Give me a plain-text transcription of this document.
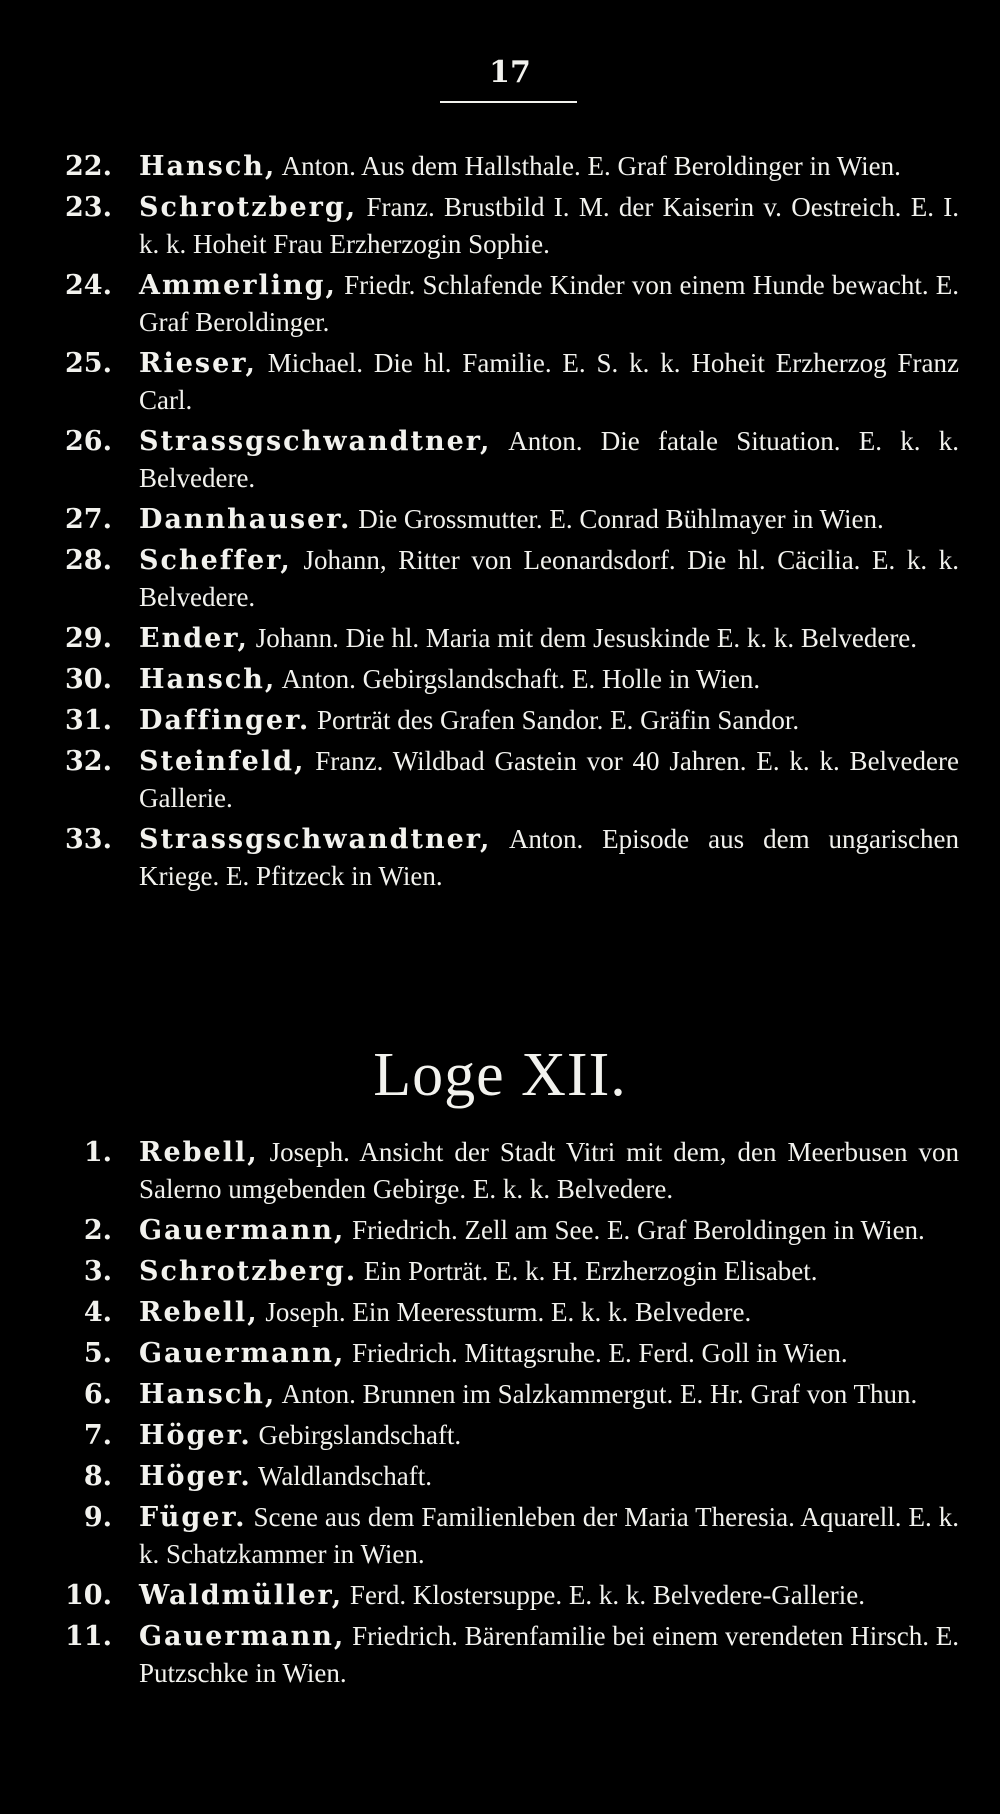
17
22. Hansch, Anton. Aus dem Hallsthale. E. Graf Beroldinger in Wien.
23. Schrotzberg, Franz. Brustbild I. M. der Kaiserin v. Oestreich. E. I. k. k. Hoheit Frau Erzherzogin Sophie.
24. Ammerling, Friedr. Schlafende Kinder von einem Hunde bewacht. E. Graf Beroldinger.
25. Rieser, Michael. Die hl. Familie. E. S. k. k. Hoheit Erzherzog Franz Carl.
26. Strassgschwandtner, Anton. Die fatale Situation. E. k. k. Belvedere.
27. Dannhauser. Die Grossmutter. E. Conrad Bühlmayer in Wien.
28. Scheffer, Johann, Ritter von Leonardsdorf. Die hl. Cäcilia. E. k. k. Belvedere.
29. Ender, Johann. Die hl. Maria mit dem Jesuskinde E. k. k. Belvedere.
30. Hansch, Anton. Gebirgslandschaft. E. Holle in Wien.
31. Daffinger. Porträt des Grafen Sandor. E. Gräfin Sandor.
32. Steinfeld, Franz. Wildbad Gastein vor 40 Jahren. E. k. k. Belvedere Gallerie.
33. Strassgschwandtner, Anton. Episode aus dem ungarischen Kriege. E. Pfitzeck in Wien.
Loge XII.
1. Rebell, Joseph. Ansicht der Stadt Vitri mit dem, den Meerbusen von Salerno umgebenden Gebirge. E. k. k. Belvedere.
2. Gauermann, Friedrich. Zell am See. E. Graf Beroldingen in Wien.
3. Schrotzberg. Ein Porträt. E. k. H. Erzherzogin Elisabet.
4. Rebell, Joseph. Ein Meeressturm. E. k. k. Belvedere.
5. Gauermann, Friedrich. Mittagsruhe. E. Ferd. Goll in Wien.
6. Hansch, Anton. Brunnen im Salzkammergut. E. Hr. Graf von Thun.
7. Höger. Gebirgslandschaft.
8. Höger. Waldlandschaft.
9. Füger. Scene aus dem Familienleben der Maria Theresia. Aquarell. E. k. k. Schatzkammer in Wien.
10. Waldmüller, Ferd. Klostersuppe. E. k. k. Belvedere-Gallerie.
11. Gauermann, Friedrich. Bärenfamilie bei einem verendeten Hirsch. E. Putzschke in Wien.
